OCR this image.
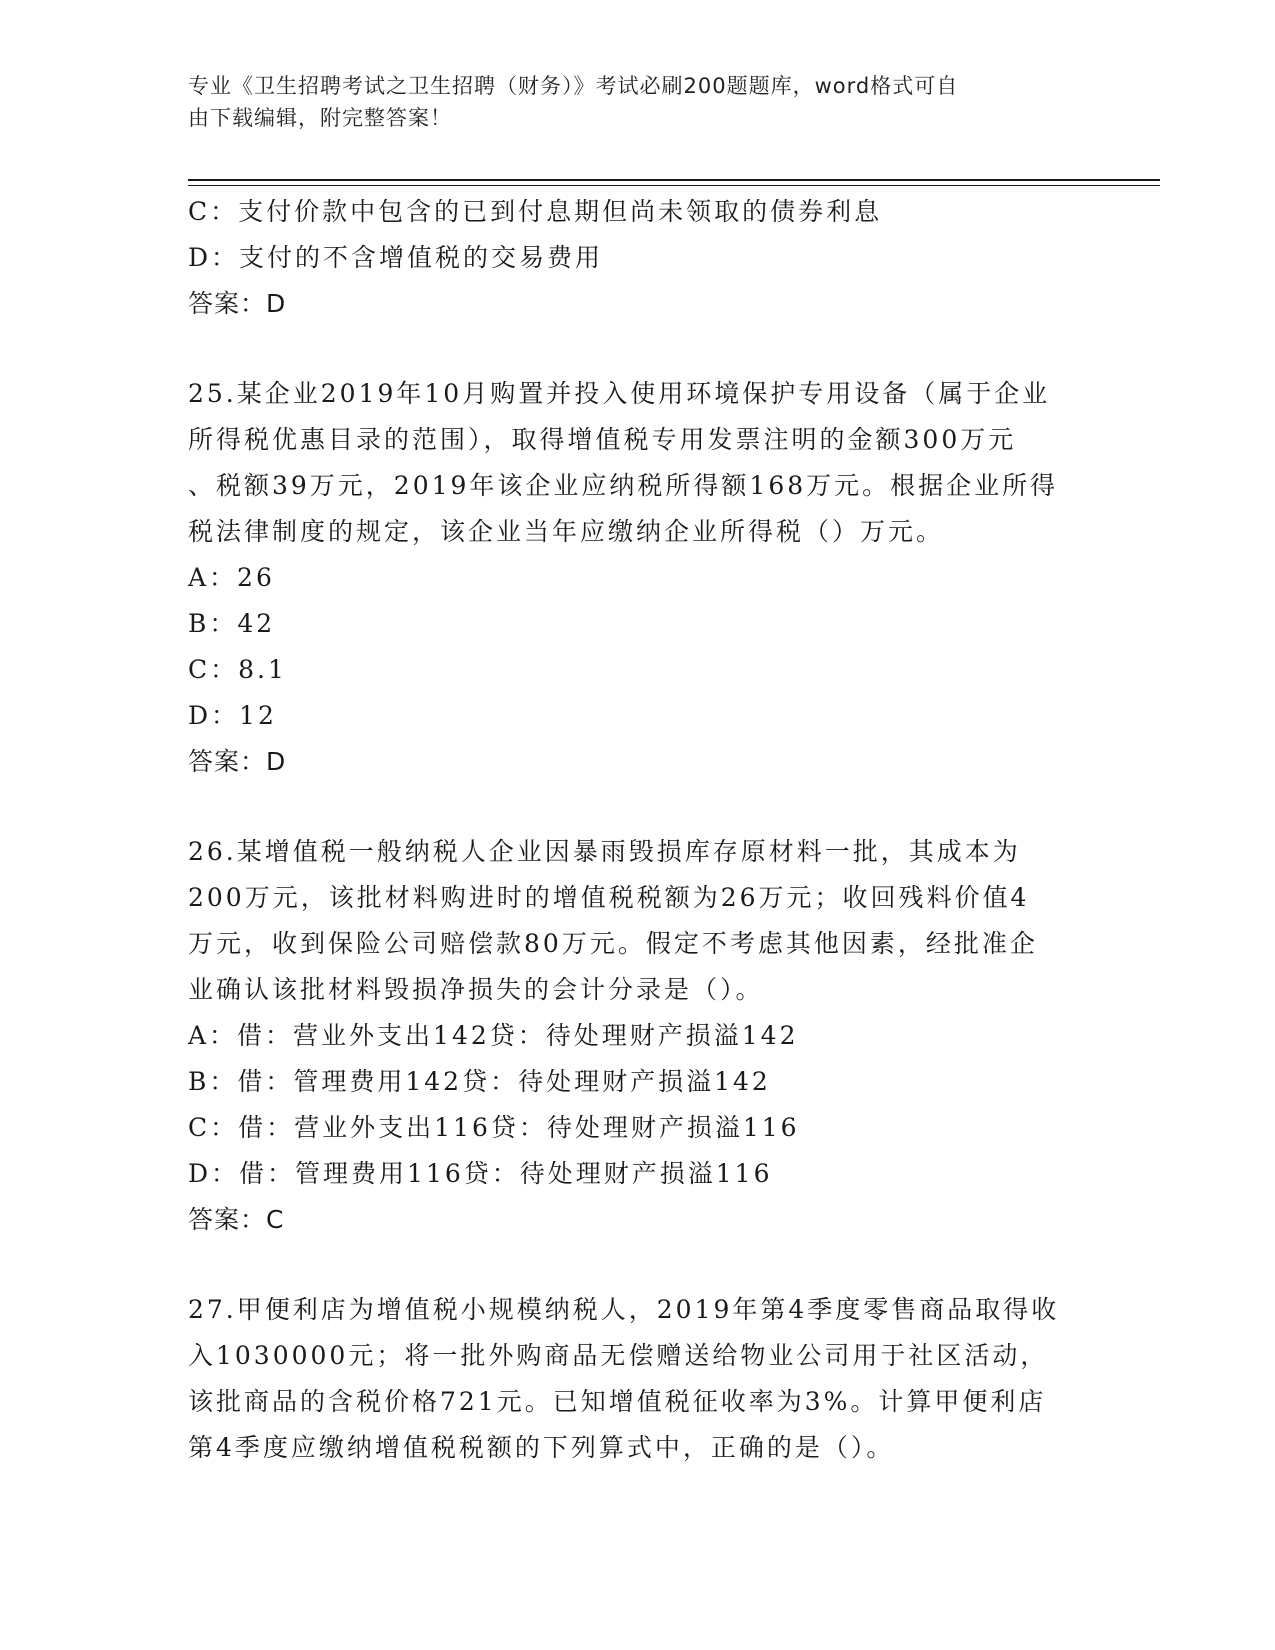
专业《卫生招聘考试之卫生招聘（财务）》考试必刷200题题库，word格式可自
由下载编辑，附完整答案！
C：支付价款中包含的已到付息期但尚未领取的债券利息
D：支付的不含增值税的交易费用
答案：D
25.某企业2019年10月购置并投入使用环境保护专用设备（属于企业
所得税优惠目录的范围），取得增值税专用发票注明的金额300万元
、税额39万元，2019年该企业应纳税所得额168万元。根据企业所得
税法律制度的规定，该企业当年应缴纳企业所得税（）万元。
A：26
B：42
C：8.1
D：12
答案：D
26.某增值税一般纳税人企业因暴雨毁损库存原材料一批，其成本为
200万元，该批材料购进时的增值税税额为26万元；收回残料价值4
万元，收到保险公司赔偿款80万元。假定不考虑其他因素，经批准企
业确认该批材料毁损净损失的会计分录是（）。
A：借：营业外支出142贷：待处理财产损溢142
B：借：管理费用142贷：待处理财产损溢142
C：借：营业外支出116贷：待处理财产损溢116
D：借：管理费用116贷：待处理财产损溢116
答案：C
27.甲便利店为增值税小规模纳税人，2019年第4季度零售商品取得收
入1030000元；将一批外购商品无偿赠送给物业公司用于社区活动，
该批商品的含税价格721元。已知增值税征收率为3%。计算甲便利店
第4季度应缴纳增值税税额的下列算式中，正确的是（）。
